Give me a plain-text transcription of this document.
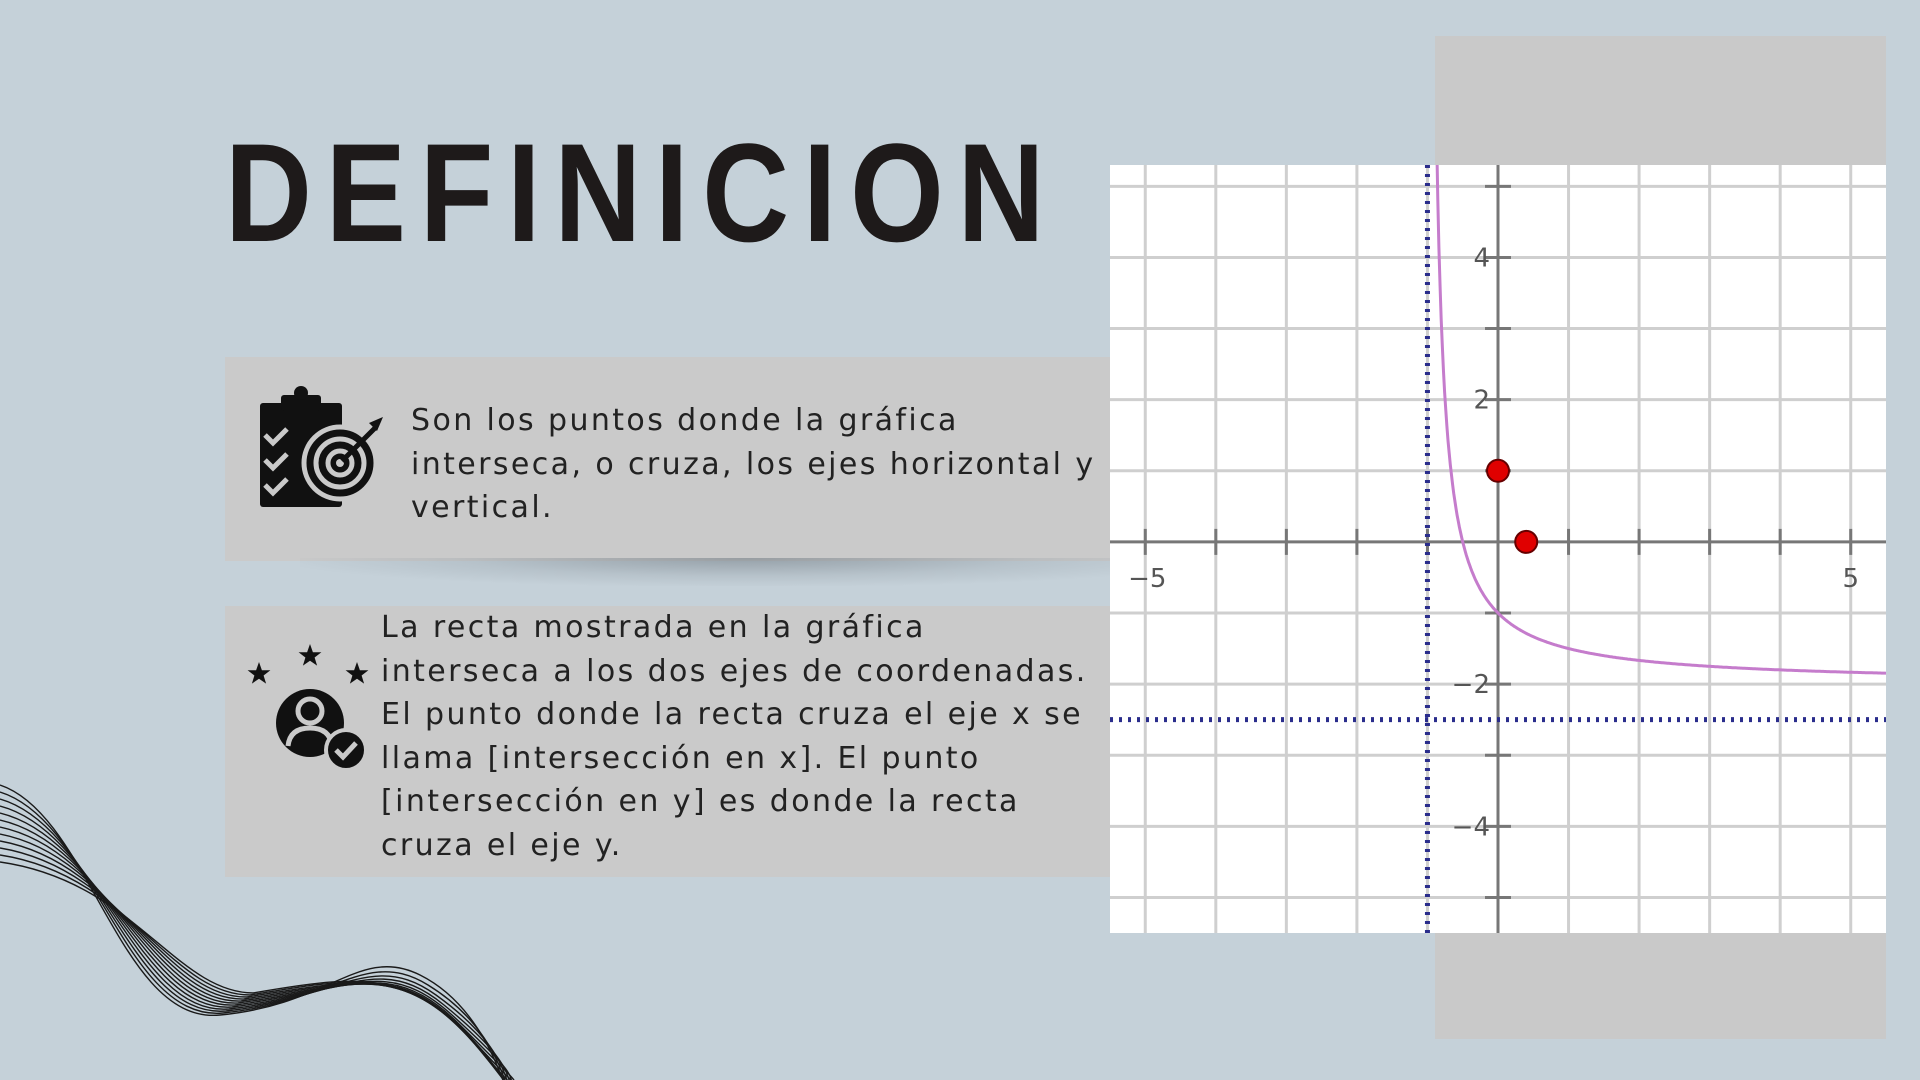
DEFINICION

Son los puntos donde la gráfica
interseca, o cruza, los ejes horizontal y
vertical.

La recta mostrada en la gráfica
interseca a los dos ejes de coordenadas.
El punto donde la recta cruza el eje x se
llama [intersección en x]. El punto
[intersección en y] es donde la recta
cruza el eje y.

−5	5
4
2
−2
−4
